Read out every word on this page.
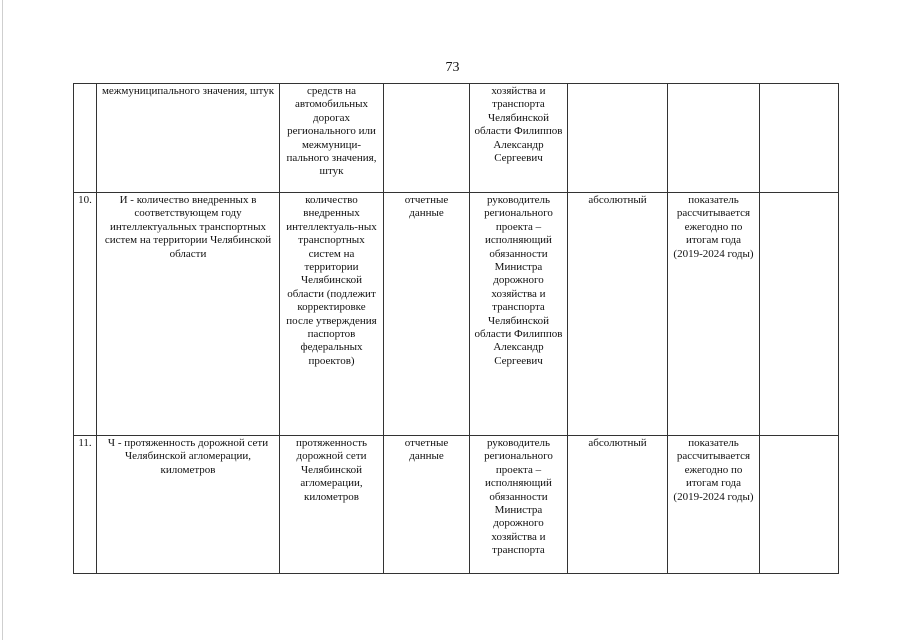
73
	межмуниципального значения, штук	средств на автомобильных дорогах регионального или межмуници-пального значения, штук		хозяйства и транспорта Челябинской области Филиппов Александр Сергеевич			
10.	И - количество внедренных в соответствующем году интеллектуальных транспортных систем на территории Челябинской области	количество внедренных интеллектуаль-ных транспортных систем на территории Челябинской области (подлежит корректировке после утверждения паспортов федеральных проектов)	отчетные данные	руководитель регионального проекта – исполняющий обязанности Министра дорожного хозяйства и транспорта Челябинской области Филиппов Александр Сергеевич	абсолютный	показатель рассчитывается ежегодно по итогам года (2019-2024 годы)	
11.	Ч - протяженность дорожной сети Челябинской агломерации, километров	протяженность дорожной сети Челябинской агломерации, километров	отчетные данные	руководитель регионального проекта – исполняющий обязанности Министра дорожного хозяйства и транспорта	абсолютный	показатель рассчитывается ежегодно по итогам года (2019-2024 годы)	
